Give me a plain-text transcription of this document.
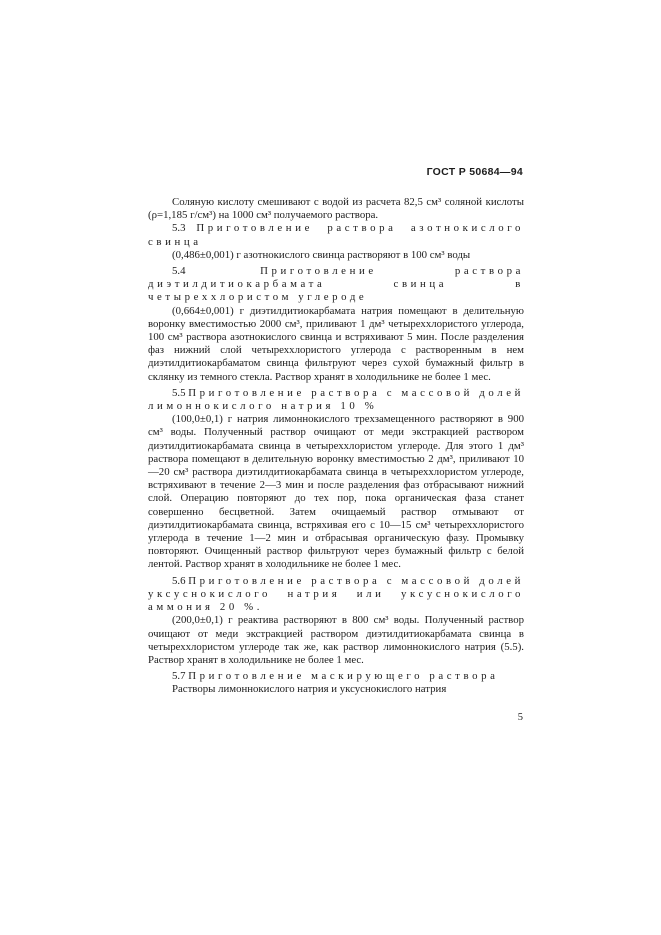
ГОСТ Р 50684—94

Соляную кислоту смешивают с водой из расчета 82,5 см³ соляной кислоты (ρ=1,185 г/см³) на 1000 см³ получаемого раствора.

5.3 Приготовление раствора азотнокислого свинца

(0,486±0,001) г азотнокислого свинца растворяют в 100 см³ воды

5.4	Приготовление раствора диэтилдитиокарбамата свинца в четыреххлористом углероде

(0,664±0,001) г диэтилдитиокарбамата натрия помещают в делительную воронку вместимостью 2000 см³, приливают 1 дм³ четыреххлористого углерода, 100 см³ раствора азотнокислого свинца и встряхивают 5 мин. После разделения фаз нижний слой четыреххлористого углерода с растворенным в нем диэтилдитиокарбаматом свинца фильтруют через сухой бумажный фильтр в склянку из темного стекла. Раствор хранят в холодильнике не более 1 мес.

5.5 Приготовление раствора с массовой долей лимоннокислого натрия 10 %

(100,0±0,1) г натрия лимоннокислого трехзамещенного растворяют в 900 см³ воды. Полученный раствор очищают от меди экстракцией раствором диэтилдитиокарбамата свинца в четыреххлористом углероде. Для этого 1 дм³ раствора помещают в делительную воронку вместимостью 2 дм³, приливают 10—20 см³ раствора диэтилдитиокарбамата свинца в четыреххлористом углероде, встряхивают в течение 2—3 мин и после разделения фаз отбрасывают нижний слой. Операцию повторяют до тех пор, пока органическая фаза станет совершенно бесцветной. Затем очищаемый раствор отмывают от диэтилдитиокарбамата свинца, встряхивая его с 10—15 см³ четыреххлористого углерода в течение 1—2 мин и отбрасывая органическую фазу. Промывку повторяют. Очищенный раствор фильтруют через бумажный фильтр с белой лентой. Раствор хранят в холодильнике не более 1 мес.

5.6 Приготовление раствора с массовой долей уксуснокислого натрия или уксуснокислого аммония 20 %.

(200,0±0,1) г реактива растворяют в 800 см³ воды. Полученный раствор очищают от меди экстракцией раствором диэтилдитиокарбамата свинца в четыреххлористом углероде так же, как раствор лимоннокислого натрия (5.5). Раствор хранят в холодильнике не более 1 мес.

5.7 Приготовление маскирующего раствора

Растворы лимоннокислого натрия и уксуснокислого натрия

5
